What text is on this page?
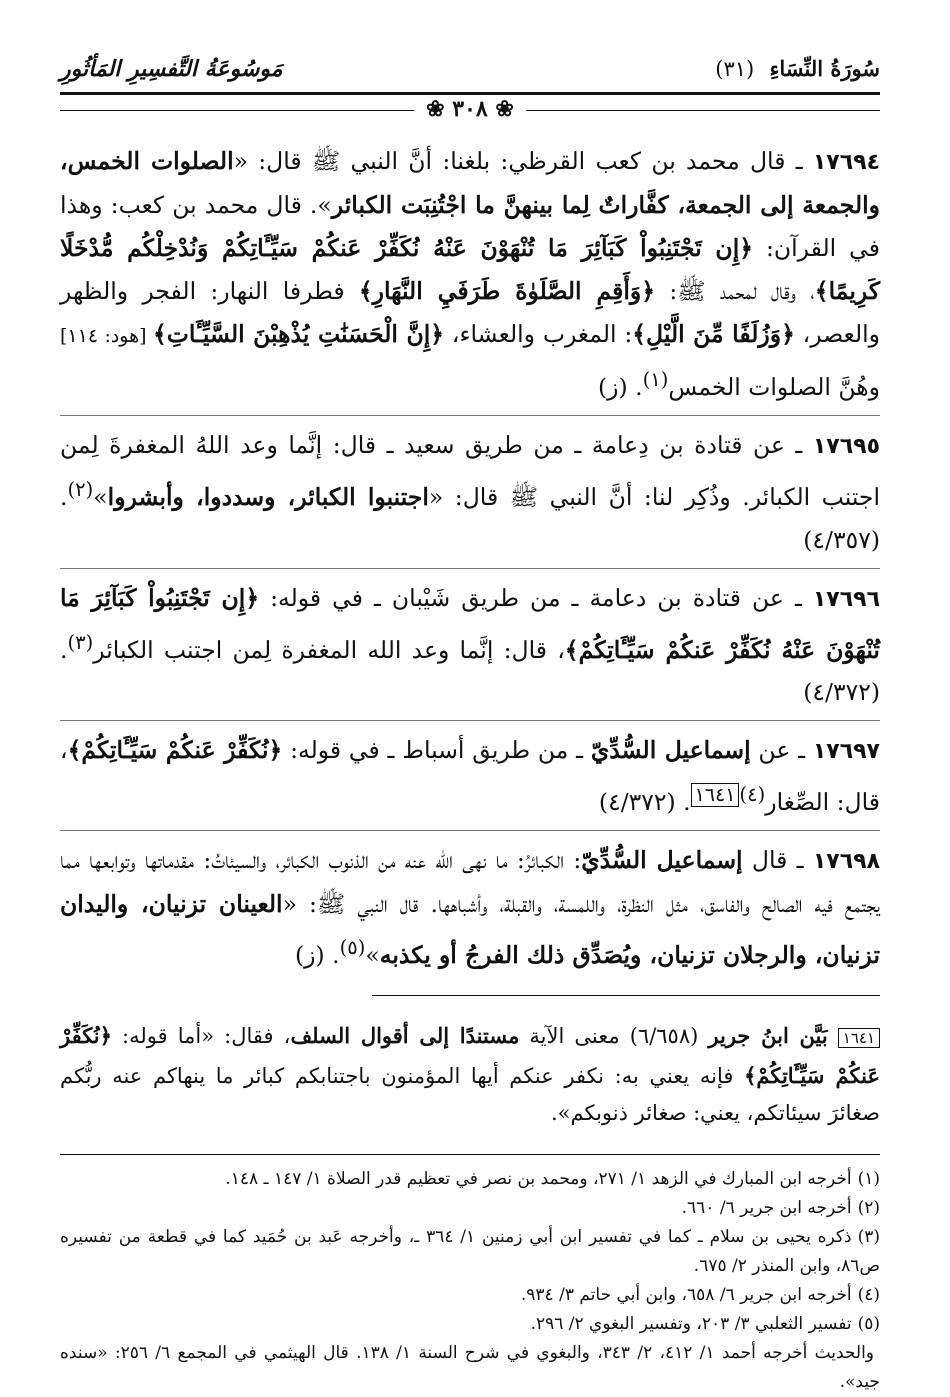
سُورَةُ النِّسَاءِ (٣١)
مَوسُوعَةُ التَّفسِيرِ المَأثُورِ
❀ ٣٠٨ ❀

١٧٦٩٤ ـ قال محمد بن كعب القرظي: بلغنا: أنَّ النبي ﷺ قال: «الصلوات الخمس، والجمعة إلى الجمعة، كفَّاراتٌ لِما بينهنَّ ما اجْتُنِبَت الكبائر». قال محمد بن كعب: وهذا في القرآن: ﴿إِن تَجْتَنِبُواْ كَبَآئِرَ مَا تُنْهَوْنَ عَنْهُ نُكَفِّرْ عَنكُمْ سَيِّـَٔاتِكُمْ وَنُدْخِلْكُم مُّدْخَلًا كَرِيمًا﴾، وقال لمحمد ﷺ: ﴿وَأَقِمِ الصَّلَوٰةَ طَرَفَيِ النَّهَارِ﴾ فطرفا النهار: الفجر والظهر والعصر، ﴿وَزُلَفًا مِّنَ الَّيْلِ﴾: المغرب والعشاء، ﴿إِنَّ الْحَسَنَٰتِ يُذْهِبْنَ السَّيِّـَٔاتِ﴾ [هود: ١١٤] وهُنَّ الصلوات الخمس$^{(١)}$. (ز)

١٧٦٩٥ ـ عن قتادة بن دِعامة ـ من طريق سعيد ـ قال: إنَّما وعد اللهُ المغفرةَ لِمن اجتنب الكبائر. وذُكِر لنا: أنَّ النبي ﷺ قال: «اجتنبوا الكبائر، وسددوا، وأبشروا»$^{(٢)}$. (٤/٣٥٧)

١٧٦٩٦ ـ عن قتادة بن دعامة ـ من طريق شَيْبان ـ في قوله: ﴿إِن تَجْتَنِبُواْ كَبَآئِرَ مَا تُنْهَوْنَ عَنْهُ نُكَفِّرْ عَنكُمْ سَيِّـَٔاتِكُمْ﴾، قال: إنَّما وعد الله المغفرة لِمن اجتنب الكبائر$^{(٣)}$. (٤/٣٧٢)

١٧٦٩٧ ـ عن إسماعيل السُّدِّيّ ـ من طريق أسباط ـ في قوله: ﴿نُكَفِّرْ عَنكُمْ سَيِّـَٔاتِكُمْ﴾، قال: الصِّغار$^{(٤)١٦٤١}$. (٤/٣٧٢)

١٧٦٩٨ ـ قال إسماعيل السُّدِّيّ: الكبائرُ: ما نهى الله عنه من الذنوب الكبائر، والسيئاتُ: مقدماتها وتوابعها مما يجتمع فيه الصالح والفاسق، مثل النظرة، واللمسة، والقبلة، وأشباهها. قال النبي ﷺ: «العينان تزنيان، واليدان تزنيان، والرجلان تزنيان، ويُصَدِّق ذلك الفرجُ أو يكذبه»$^{(٥)}$. (ز)

١٦٤١ بَيَّن ابنُ جرير (٦/٦٥٨) معنى الآية مستندًا إلى أقوال السلف، فقال: «أما قوله: ﴿نُكَفِّرْ عَنكُمْ سَيِّـَٔاتِكُمْ﴾ فإنه يعني به: نكفر عنكم أيها المؤمنون باجتنابكم كبائر ما ينهاكم عنه ربُّكم صغائرَ سيئاتكم، يعني: صغائر ذنوبكم».

(١)أخرجه ابن المبارك في الزهد ١/ ٢٧١، ومحمد بن نصر في تعظيم قدر الصلاة ١/ ١٤٧ ـ ١٤٨.

(٢)أخرجه ابن جرير ٦/ ٦٦٠.

(٣)ذكره يحيى بن سلام ـ كما في تفسير ابن أبي زمنين ١/ ٣٦٤ ـ، وأخرجه عَبد بن حُمَيد كما في قطعة من تفسيره ص٨٦، وابن المنذر ٢/ ٦٧٥.

(٤)أخرجه ابن جرير ٦/ ٦٥٨، وابن أبي حاتم ٣/ ٩٣٤.

(٥)تفسير الثعلبي ٣/ ٢٠٣، وتفسير البغوي ٢/ ٢٩٦.

والحديث أخرجه أحمد ١/ ٤١٢، ٢/ ٣٤٣، والبغوي في شرح السنة ١/ ١٣٨. قال الهيثمي في المجمع ٦/ ٢٥٦: «سنده جيد».
